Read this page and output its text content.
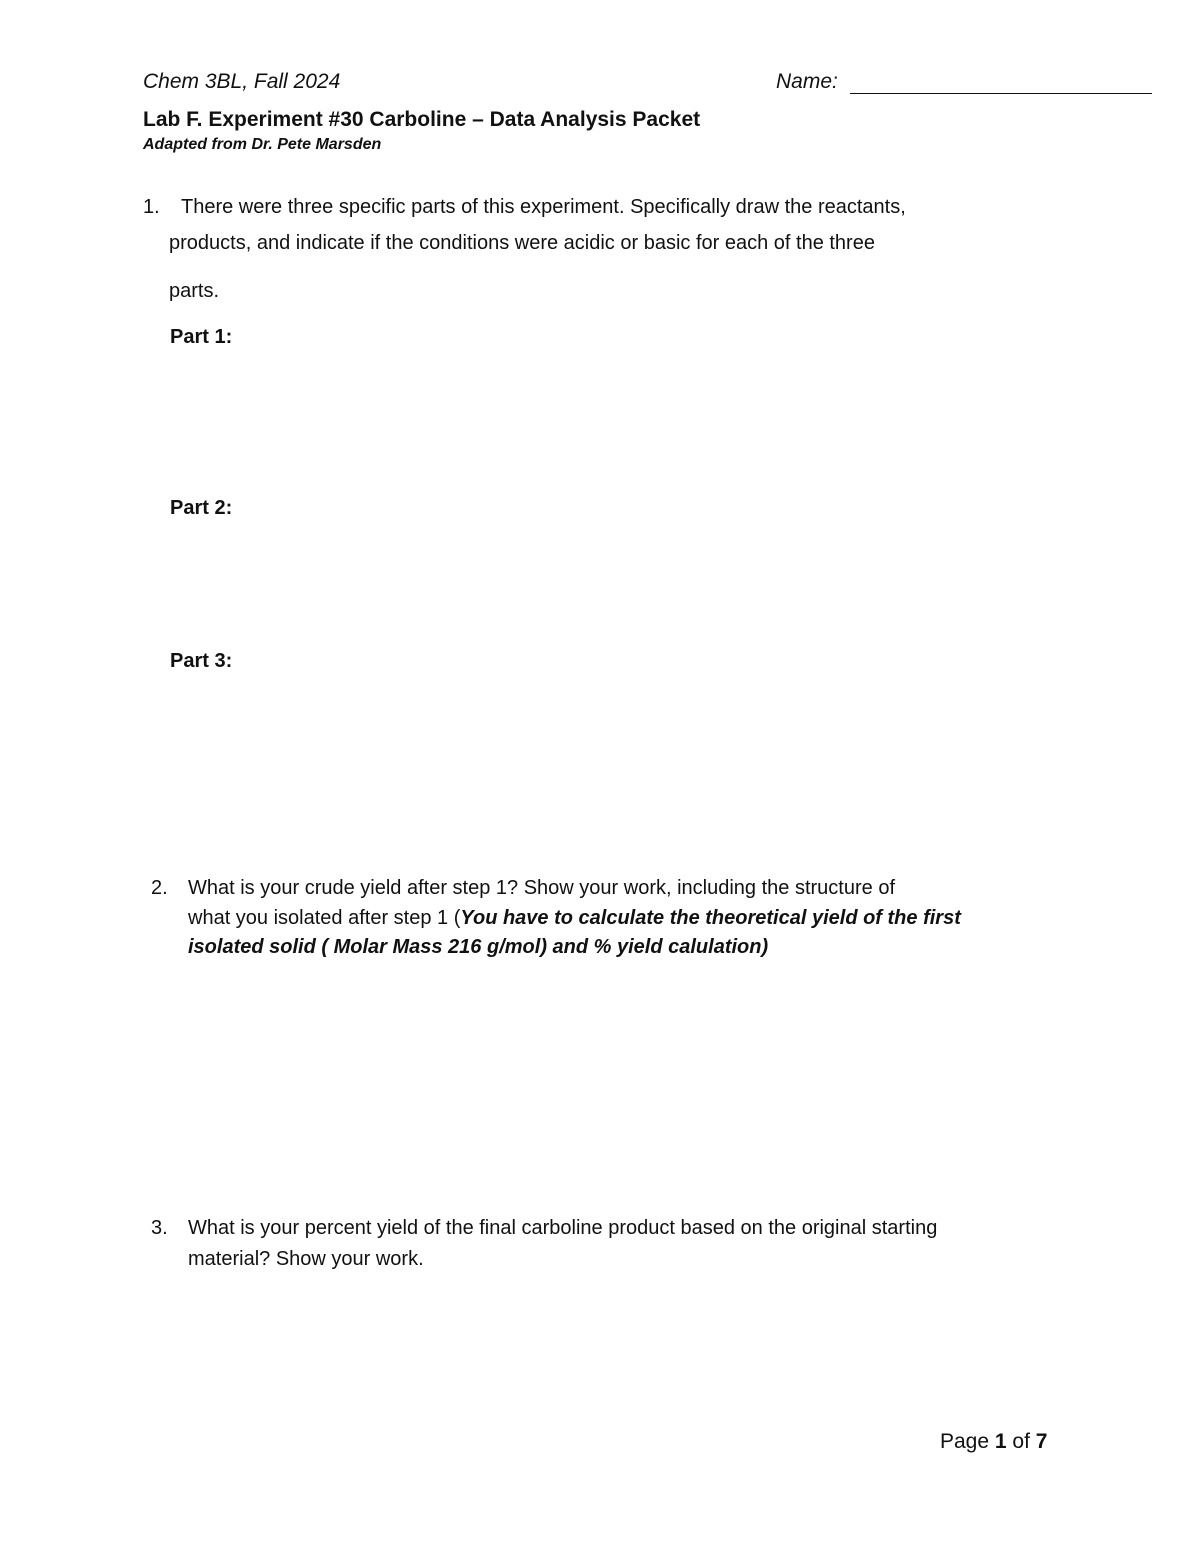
Chem 3BL, Fall 2024	Name:
Lab F. Experiment #30 Carboline – Data Analysis Packet
Adapted from Dr. Pete Marsden
1. There were three specific parts of this experiment. Specifically draw the reactants,
products, and indicate if the conditions were acidic or basic for each of the three
parts.
Part 1:
Part 2:
Part 3:
2. What is your crude yield after step 1? Show your work, including the structure of
what you isolated after step 1 (You have to calculate the theoretical yield of the first
isolated solid ( Molar Mass 216 g/mol) and % yield calulation)
3. What is your percent yield of the final carboline product based on the original starting
material? Show your work.
Page 1 of 7
